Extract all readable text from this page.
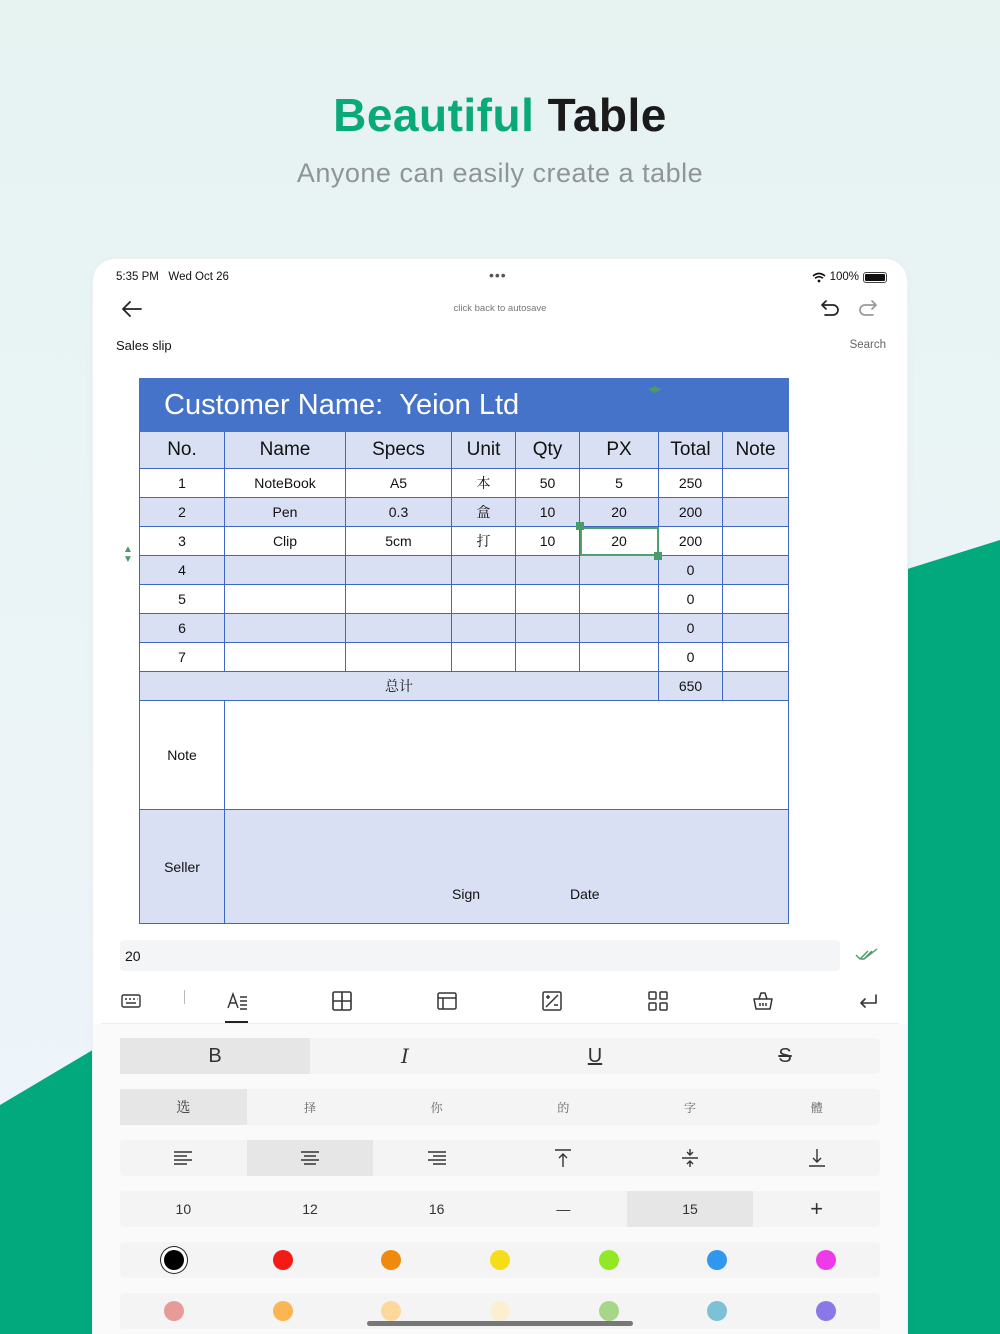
Beautiful Table
Anyone can easily create a table
5:35 PM Wed Oct 26	•••	100%
click back to autosave
Sales slip	Search
Customer Name: Yeion Ltd							
No.	Name	Specs	Unit	Qty	PX	Total	Note
1	NoteBook	A5	本	50	5	250	
2	Pen	0.3	盒	10	20	200	
3	Clip	5cm	打	10	20	200	
4						0	
5						0	
6						0	
7						0	
总计						650	
Note							
Seller	Sign Date						
◀▶
▲
▼
20
B	I	U	S
选	择	你	的	字	體
10	12	16	—	15	+
